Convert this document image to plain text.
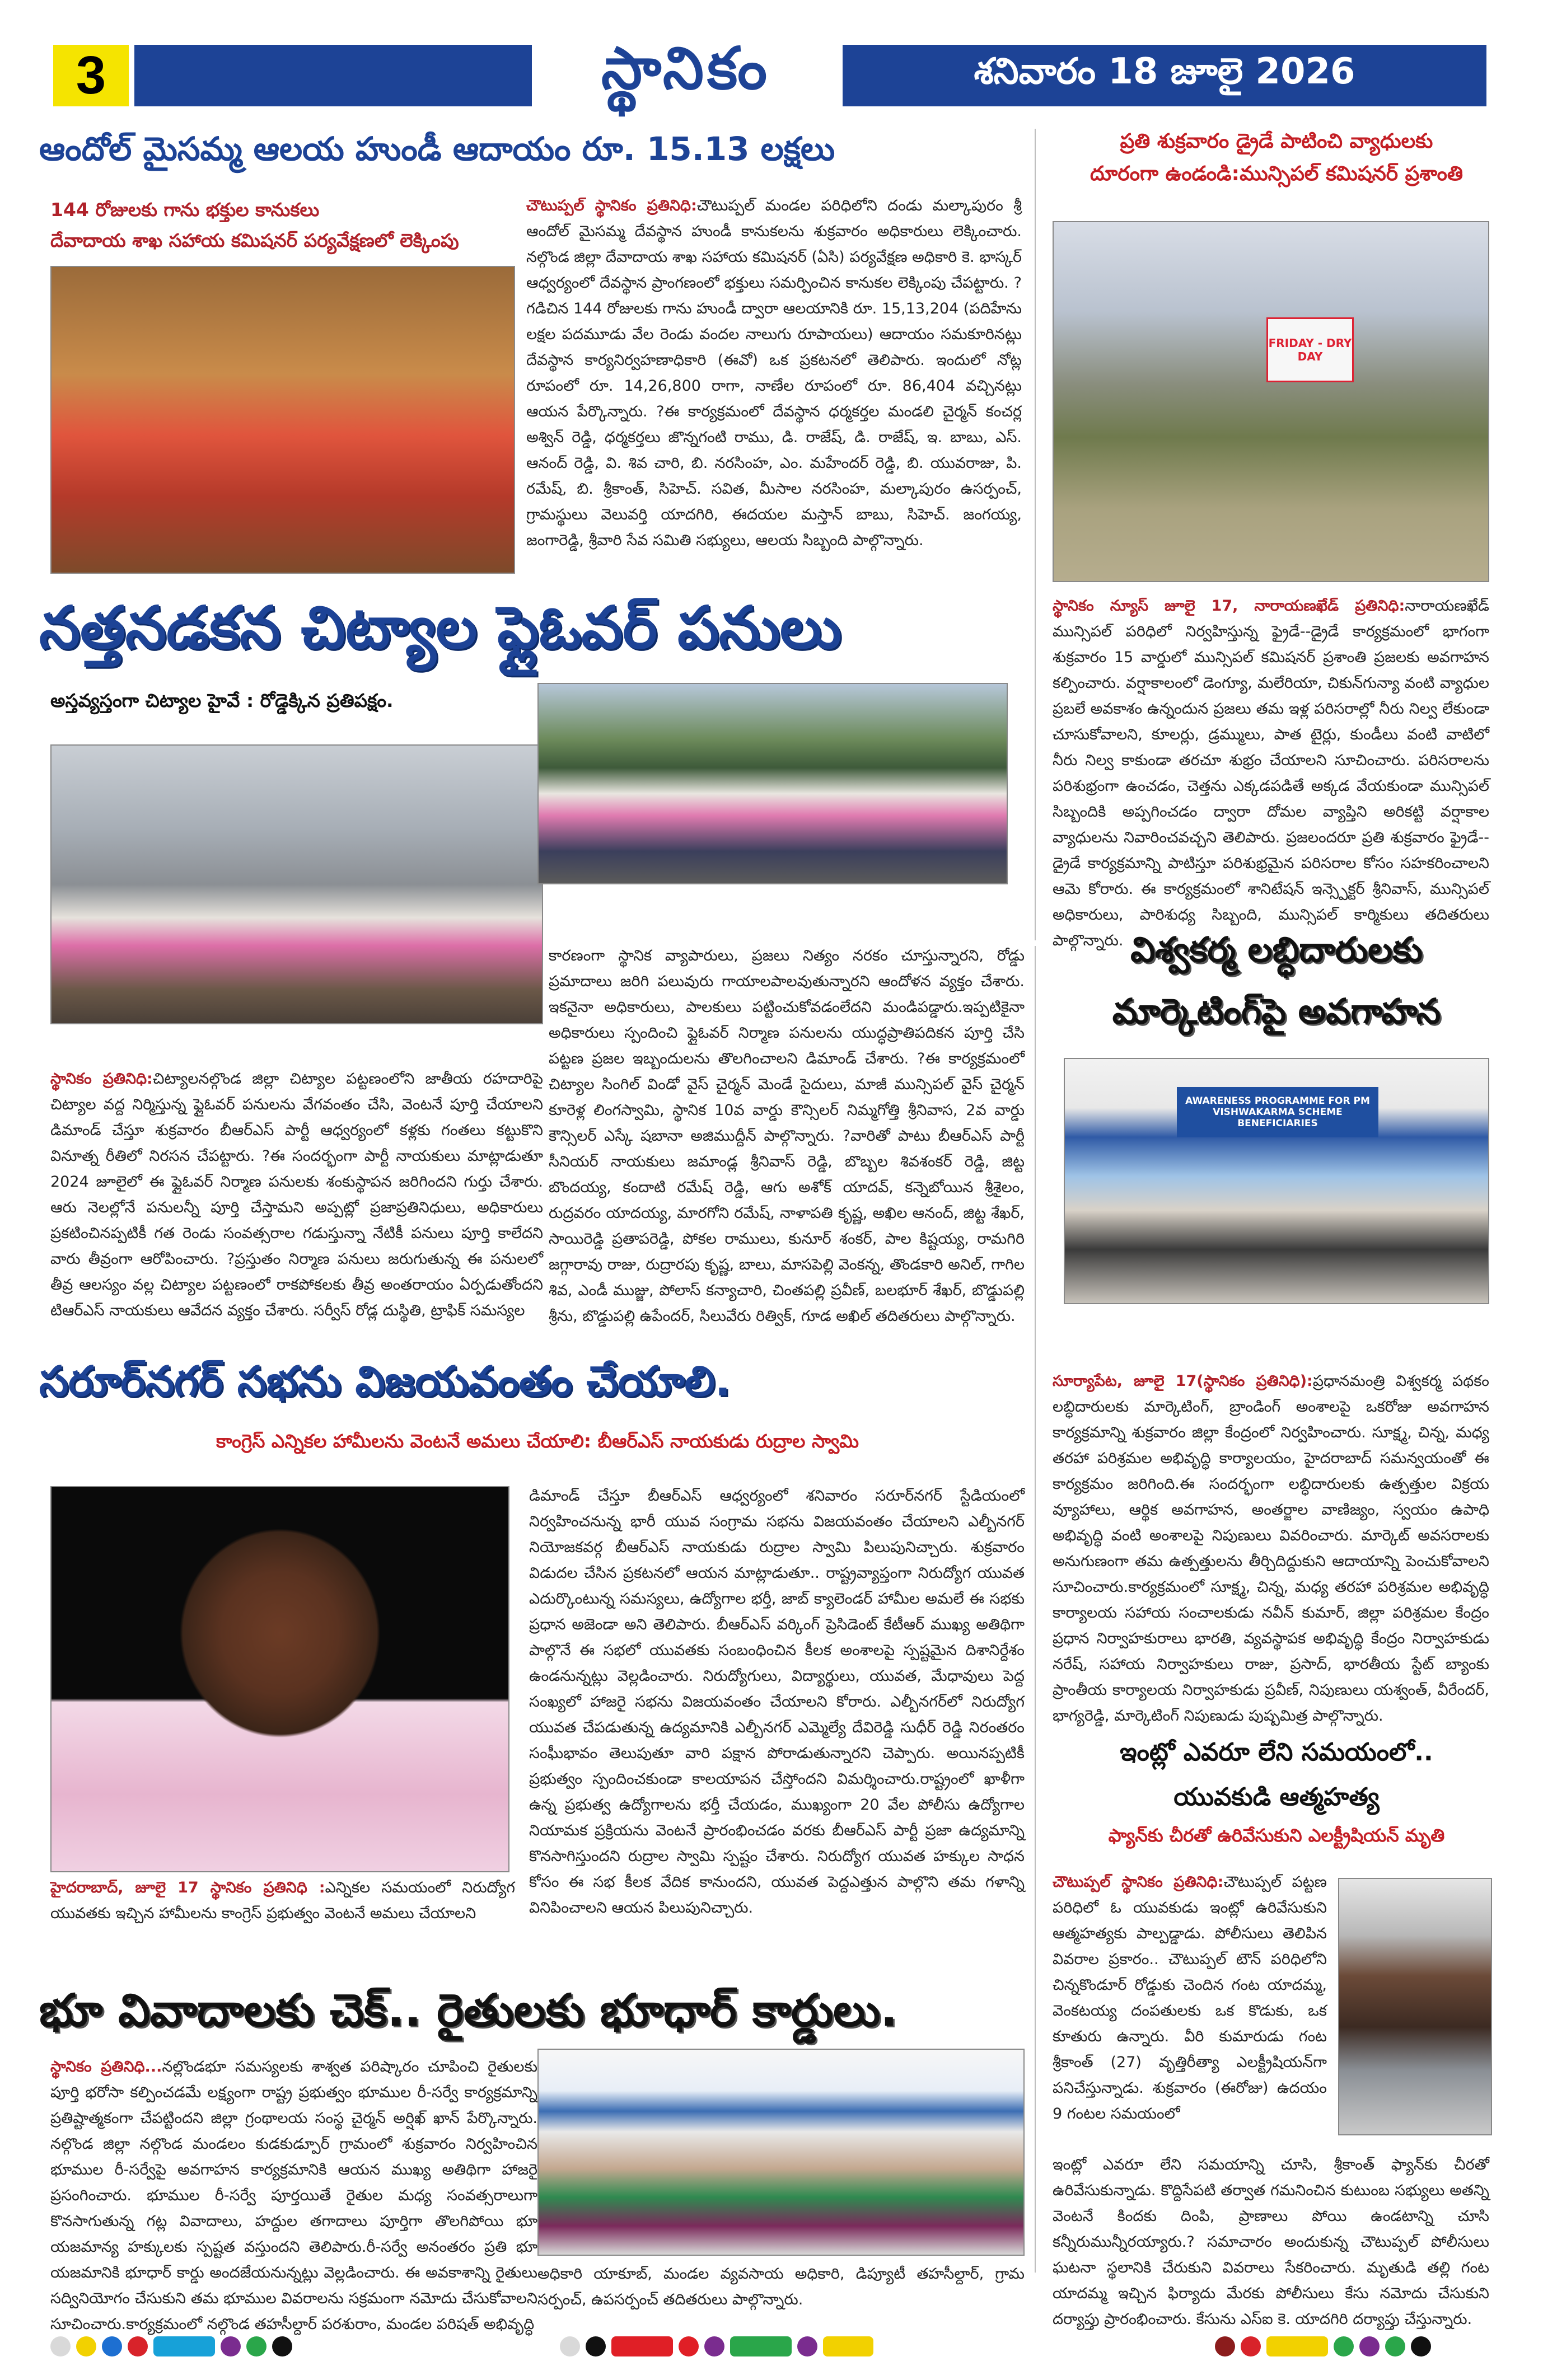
3	స్థానికం	శనివారం 18 జూలై 2026
ఆందోల్ మైసమ్మ ఆలయ హుండీ ఆదాయం రూ. 15.13 లక్షలు
144 రోజులకు గాను భక్తుల కానుకలు
దేవాదాయ శాఖ సహాయ కమిషనర్ పర్యవేక్షణలో లెక్కింపు
చౌటుప్పల్ స్థానికం ప్రతినిధి:చౌటుప్పల్ మండల పరిధిలోని దండు మల్కాపురం శ్రీ ఆందోల్ మైసమ్మ దేవస్థాన హుండీ కానుకలను శుక్రవారం అధికారులు లెక్కించారు. నల్గొండ జిల్లా దేవాదాయ శాఖ సహాయ కమిషనర్ (ఏసి) పర్యవేక్షణ అధికారి కె. భాస్కర్ ఆధ్వర్యంలో దేవస్థాన ప్రాంగణంలో భక్తులు సమర్పించిన కానుకల లెక్కింపు చేపట్టారు. ?గడిచిన 144 రోజులకు గాను హుండీ ద్వారా ఆలయానికి రూ. 15,13,204 (పదిహేను లక్షల పదమూడు వేల రెండు వందల నాలుగు రూపాయలు) ఆదాయం సమకూరినట్లు దేవస్థాన కార్యనిర్వహణాధికారి (ఈవో) ఒక ప్రకటనలో తెలిపారు. ఇందులో నోట్ల రూపంలో రూ. 14,26,800 రాగా, నాణేల రూపంలో రూ. 86,404 వచ్చినట్లు ఆయన పేర్కొన్నారు. ?ఈ కార్యక్రమంలో దేవస్థాన ధర్మకర్తల మండలి చైర్మన్ కంచర్ల అశ్విన్ రెడ్డి, ధర్మకర్తలు జొన్నగంటి రాము, డి. రాజేష్, డి. రాజేష్, ఇ. బాబు, ఎస్. ఆనంద్ రెడ్డి, వి. శివ చారి, బి. నరసింహ, ఎం. మహేందర్ రెడ్డి, బి. యువరాజు, పి. రమేష్, బి. శ్రీకాంత్, సిహెచ్. సవిత, మీసాల నరసింహ, మల్కాపురం ఉసర్పంచ్, గ్రామస్థులు వెలువర్తి యాదగిరి, ఈదయల మస్తాన్ బాబు, సిహెచ్. జంగయ్య, జంగారెడ్డి, శ్రీవారి సేవ సమితి సభ్యులు, ఆలయ సిబ్బంది పాల్గొన్నారు.
ప్రతి శుక్రవారం డ్రైడే పాటించి వ్యాధులకు
దూరంగా ఉండండి:మున్సిపల్ కమిషనర్ ప్రశాంతి
FRIDAY - DRY DAY
స్థానికం న్యూస్ జూలై 17, నారాయణఖేడ్ ప్రతినిధి:నారాయణఖేడ్ మున్సిపల్ పరిధిలో నిర్వహిస్తున్న ఫ్రైడే--డ్రైడే కార్యక్రమంలో భాగంగా శుక్రవారం 15 వార్డులో మున్సిపల్ కమిషనర్ ప్రశాంతి ప్రజలకు అవగాహన కల్పించారు. వర్షాకాలంలో డెంగ్యూ, మలేరియా, చికున్‌గున్యా వంటి వ్యాధుల ప్రబలే అవకాశం ఉన్నందున ప్రజలు తమ ఇళ్ల పరిసరాల్లో నీరు నిల్వ లేకుండా చూసుకోవాలని, కూలర్లు, డ్రమ్ములు, పాత టైర్లు, కుండీలు వంటి వాటిలో నీరు నిల్వ కాకుండా తరచూ శుభ్రం చేయాలని సూచించారు. పరిసరాలను పరిశుభ్రంగా ఉంచడం, చెత్తను ఎక్కడపడితే అక్కడ వేయకుండా మున్సిపల్ సిబ్బందికి అప్పగించడం ద్వారా దోమల వ్యాప్తిని అరికట్టి వర్షాకాల వ్యాధులను నివారించవచ్చని తెలిపారు. ప్రజలందరూ ప్రతి శుక్రవారం ఫ్రైడే--డ్రైడే కార్యక్రమాన్ని పాటిస్తూ పరిశుభ్రమైన పరిసరాల కోసం సహకరించాలని ఆమె కోరారు. ఈ కార్యక్రమంలో శానిటేషన్ ఇన్స్పెక్టర్ శ్రీనివాస్, మున్సిపల్ అధికారులు, పారిశుధ్య సిబ్బంది, మున్సిపల్ కార్మికులు తదితరులు పాల్గొన్నారు.
నత్తనడకన చిట్యాల ఫ్లైఓవర్ పనులు
అస్తవ్యస్తంగా చిట్యాల హైవే : రోడ్డెక్కిన ప్రతిపక్షం.
స్థానికం ప్రతినిధి:చిట్యాలనల్గొండ జిల్లా చిట్యాల పట్టణంలోని జాతీయ రహదారిపై చిట్యాల వద్ద నిర్మిస్తున్న ఫ్లైఓవర్ పనులను వేగవంతం చేసి, వెంటనే పూర్తి చేయాలని డిమాండ్ చేస్తూ శుక్రవారం బీఆర్ఎస్ పార్టీ ఆధ్వర్యంలో కళ్లకు గంతలు కట్టుకొని వినూత్న రీతిలో నిరసన చేపట్టారు. ?ఈ సందర్భంగా పార్టీ నాయకులు మాట్లాడుతూ 2024 జూలైలో ఈ ఫ్లైఓవర్ నిర్మాణ పనులకు శంకుస్థాపన జరిగిందని గుర్తు చేశారు. ఆరు నెలల్లోనే పనులన్నీ పూర్తి చేస్తామని అప్పట్లో ప్రజాప్రతినిధులు, అధికారులు ప్రకటించినప్పటికీ గత రెండు సంవత్సరాల గడుస్తున్నా నేటికీ పనులు పూర్తి కాలేదని వారు తీవ్రంగా ఆరోపించారు. ?ప్రస్తుతం నిర్మాణ పనులు జరుగుతున్న ఈ పనులలో తీవ్ర ఆలస్యం వల్ల చిట్యాల పట్టణంలో రాకపోకలకు తీవ్ర అంతరాయం ఏర్పడుతోందని టిఆర్ఎస్ నాయకులు ఆవేదన వ్యక్తం చేశారు. సర్వీస్ రోడ్ల దుస్థితి, ట్రాఫిక్ సమస్యల
కారణంగా స్థానిక వ్యాపారులు, ప్రజలు నిత్యం నరకం చూస్తున్నారని, రోడ్డు ప్రమాదాలు జరిగి పలువురు గాయాలపాలవుతున్నారని ఆందోళన వ్యక్తం చేశారు. ఇకనైనా అధికారులు, పాలకులు పట్టించుకోవడంలేదని మండిపడ్డారు.ఇప్పటికైనా అధికారులు స్పందించి ఫ్లైఓవర్ నిర్మాణ పనులను యుద్ధప్రాతిపదికన పూర్తి చేసి పట్టణ ప్రజల ఇబ్బందులను తొలగించాలని డిమాండ్ చేశారు. ?ఈ కార్యక్రమంలో చిట్యాల సింగిల్ విండో వైస్ చైర్మన్ మెండే సైదులు, మాజీ మున్సిపల్ వైస్ చైర్మన్ కూరెళ్ల లింగస్వామి, స్థానిక 10వ వార్డు కౌన్సిలర్ నిమ్మగోత్తి శ్రీనివాస, 2వ వార్డు కౌన్సిలర్ ఎస్కే షబానా అజిముద్దీన్ పాల్గొన్నారు. ?వారితో పాటు బీఆర్ఎస్ పార్టీ సీనియర్ నాయకులు జమాండ్ల శ్రీనివాస్ రెడ్డి, బొబ్బల శివశంకర్ రెడ్డి, జిట్ట బొందయ్య, కందాటి రమేష్ రెడ్డి, ఆగు అశోక్ యాదవ్, కన్నెబోయిన శ్రీశైలం, రుద్రవరం యాదయ్య, మారగోని రమేష్, నాళాపతి కృష్ణ, అఖిల ఆనంద్, జిట్ట శేఖర్, సాయిరెడ్డి ప్రతాపరెడ్డి, పోకల రాములు, కునూర్ శంకర్, పాల కిష్టయ్య, రామగిరి జగ్గారావు రాజు, రుద్రారపు కృష్ణ, బాలు, మాసపెల్లి వెంకన్న, తొండకారి అనిల్, గాగిల శివ, ఎండీ ముజ్జు, పోలాస్ కన్యాచారి, చింతపల్లి ప్రవీణ్, బలభూర్ శేఖర్, బొడ్డుపల్లి శ్రీను, బొడ్డుపల్లి ఉపేందర్, సిలువేరు రిత్విక్, గూడ అఖిల్ తదితరులు పాల్గొన్నారు.
విశ్వకర్మ లబ్ధిదారులకు
మార్కెటింగ్‌పై అవగాహన
AWARENESS PROGRAMME FOR PM VISHWAKARMA SCHEME BENEFICIARIES
సూర్యాపేట, జూలై 17(స్థానికం ప్రతినిధి):ప్రధానమంత్రి విశ్వకర్మ పథకం లబ్ధిదారులకు మార్కెటింగ్, బ్రాండింగ్ అంశాలపై ఒకరోజు అవగాహన కార్యక్రమాన్ని శుక్రవారం జిల్లా కేంద్రంలో నిర్వహించారు. సూక్ష్మ, చిన్న, మధ్య తరహా పరిశ్రమల అభివృద్ధి కార్యాలయం, హైదరాబాద్ సమన్వయంతో ఈ కార్యక్రమం జరిగింది.ఈ సందర్భంగా లబ్ధిదారులకు ఉత్పత్తుల విక్రయ వ్యూహాలు, ఆర్థిక అవగాహన, అంతర్జాల వాణిజ్యం, స్వయం ఉపాధి అభివృద్ధి వంటి అంశాలపై నిపుణులు వివరించారు. మార్కెట్ అవసరాలకు అనుగుణంగా తమ ఉత్పత్తులను తీర్చిదిద్దుకుని ఆదాయాన్ని పెంచుకోవాలని సూచించారు.కార్యక్రమంలో సూక్ష్మ, చిన్న, మధ్య తరహా పరిశ్రమల అభివృద్ధి కార్యాలయ సహాయ సంచాలకుడు నవీన్ కుమార్, జిల్లా పరిశ్రమల కేంద్రం ప్రధాన నిర్వాహకురాలు భారతి, వ్యవస్థాపక అభివృద్ధి కేంద్రం నిర్వాహకుడు నరేష్, సహాయ నిర్వాహకులు రాజు, ప్రసాద్, భారతీయ స్టేట్ బ్యాంకు ప్రాంతీయ కార్యాలయ నిర్వాహకుడు ప్రవీణ్, నిపుణులు యశ్వంత్, వీరేందర్, భాగ్యరెడ్డి, మార్కెటింగ్ నిపుణుడు పుష్పమిత్ర పాల్గొన్నారు.
సరూర్‌నగర్ సభను విజయవంతం చేయాలి.
కాంగ్రెస్ ఎన్నికల హామీలను వెంటనే అమలు చేయాలి: బీఆర్ఎస్ నాయకుడు రుద్రాల స్వామి
హైదరాబాద్, జూలై 17 స్థానికం ప్రతినిధి :ఎన్నికల సమయంలో నిరుద్యోగ యువతకు ఇచ్చిన హామీలను కాంగ్రెస్ ప్రభుత్వం వెంటనే అమలు చేయాలని
డిమాండ్ చేస్తూ బీఆర్ఎస్ ఆధ్వర్యంలో శనివారం సరూర్‌నగర్ స్టేడియంలో నిర్వహించనున్న భారీ యువ సంగ్రామ సభను విజయవంతం చేయాలని ఎల్బీనగర్ నియోజకవర్గ బీఆర్ఎస్ నాయకుడు రుద్రాల స్వామి పిలుపునిచ్చారు. శుక్రవారం విడుదల చేసిన ప్రకటనలో ఆయన మాట్లాడుతూ.. రాష్ట్రవ్యాప్తంగా నిరుద్యోగ యువత ఎదుర్కొంటున్న సమస్యలు, ఉద్యోగాల భర్తీ, జాబ్ క్యాలెండర్ హామీల అమలే ఈ సభకు ప్రధాన అజెండా అని తెలిపారు. బీఆర్ఎస్ వర్కింగ్ ప్రెసిడెంట్ కేటీఆర్ ముఖ్య అతిథిగా పాల్గొనే ఈ సభలో యువతకు సంబంధించిన కీలక అంశాలపై స్పష్టమైన దిశానిర్దేశం ఉండనున్నట్లు వెల్లడించారు. నిరుద్యోగులు, విద్యార్థులు, యువత, మేధావులు పెద్ద సంఖ్యలో హాజరై సభను విజయవంతం చేయాలని కోరారు. ఎల్బీనగర్‌లో నిరుద్యోగ యువత చేపడుతున్న ఉద్యమానికి ఎల్బీనగర్ ఎమ్మెల్యే దేవిరెడ్డి సుధీర్ రెడ్డి నిరంతరం సంఘీభావం తెలుపుతూ వారి పక్షాన పోరాడుతున్నారని చెప్పారు. అయినప్పటికీ ప్రభుత్వం స్పందించకుండా కాలయాపన చేస్తోందని విమర్శించారు.రాష్ట్రంలో ఖాళీగా ఉన్న ప్రభుత్వ ఉద్యోగాలను భర్తీ చేయడం, ముఖ్యంగా 20 వేల పోలీసు ఉద్యోగాల నియామక ప్రక్రియను వెంటనే ప్రారంభించడం వరకు బీఆర్ఎస్ పార్టీ ప్రజా ఉద్యమాన్ని కొనసాగిస్తుందని రుద్రాల స్వామి స్పష్టం చేశారు. నిరుద్యోగ యువత హక్కుల సాధన కోసం ఈ సభ కీలక వేదిక కానుందని, యువత పెద్దఎత్తున పాల్గొని తమ గళాన్ని వినిపించాలని ఆయన పిలుపునిచ్చారు.
ఇంట్లో ఎవరూ లేని సమయంలో..
యువకుడి ఆత్మహత్య
ఫ్యాన్‌కు చీరతో ఉరివేసుకుని ఎలక్ట్రీషియన్ మృతి
చౌటుప్పల్ స్థానికం ప్రతినిధి:చౌటుప్పల్ పట్టణ పరిధిలో ఓ యువకుడు ఇంట్లో ఉరివేసుకుని ఆత్మహత్యకు పాల్పడ్డాడు. పోలీసులు తెలిపిన వివరాల ప్రకారం.. చౌటుప్పల్ టౌన్ పరిధిలోని చిన్నకొండూర్ రోడ్డుకు చెందిన గంట యాదమ్మ, వెంకటయ్య దంపతులకు ఒక కొడుకు, ఒక కూతురు ఉన్నారు. వీరి కుమారుడు గంట శ్రీకాంత్ (27) వృత్తిరీత్యా ఎలక్ట్రీషియన్‌గా పనిచేస్తున్నాడు. శుక్రవారం (ఈరోజు) ఉదయం 9 గంటల సమయంలో
ఇంట్లో ఎవరూ లేని సమయాన్ని చూసి, శ్రీకాంత్ ఫ్యాన్‌కు చీరతో ఉరివేసుకున్నాడు. కొద్దిసేపటి తర్వాత గమనించిన కుటుంబ సభ్యులు అతన్ని వెంటనే కిందకు దింపి, ప్రాణాలు పోయి ఉండటాన్ని చూసి కన్నీరుమున్నీరయ్యారు.? సమాచారం అందుకున్న చౌటుప్పల్ పోలీసులు ఘటనా స్థలానికి చేరుకుని వివరాలు సేకరించారు. మృతుడి తల్లి గంట యాదమ్మ ఇచ్చిన ఫిర్యాదు మేరకు పోలీసులు కేసు నమోదు చేసుకుని దర్యాప్తు ప్రారంభించారు. కేసును ఎస్ఐ కె. యాదగిరి దర్యాప్తు చేస్తున్నారు.
భూ వివాదాలకు చెక్.. రైతులకు భూధార్ కార్డులు.
స్థానికం ప్రతినిధి...నల్లొండభూ సమస్యలకు శాశ్వత పరిష్కారం చూపించి రైతులకు పూర్తి భరోసా కల్పించడమే లక్ష్యంగా రాష్ట్ర ప్రభుత్వం భూముల రీ-సర్వే కార్యక్రమాన్ని ప్రతిష్టాత్మకంగా చేపట్టిందని జిల్లా గ్రంథాలయ సంస్థ చైర్మన్ అర్షిఖ్ ఖాన్ పేర్కొన్నారు. నల్గొండ జిల్లా నల్గొండ మండలం కుడకుడ్పూర్ గ్రామంలో శుక్రవారం నిర్వహించిన భూముల రీ-సర్వేపై అవగాహన కార్యక్రమానికి ఆయన ముఖ్య అతిథిగా హాజరై ప్రసంగించారు. భూముల రీ-సర్వే పూర్తయితే రైతుల మధ్య సంవత్సరాలుగా కొనసాగుతున్న గట్ల వివాదాలు, హద్దుల తగాదాలు పూర్తిగా తొలగిపోయి భూ యజమాన్య హక్కులకు స్పష్టత వస్తుందని తెలిపారు.రీ-సర్వే అనంతరం ప్రతి భూ యజమానికి భూధార్ కార్డు అందజేయనున్నట్లు వెల్లడించారు. ఈ అవకాశాన్ని రైతులు సద్వినియోగం చేసుకుని తమ భూముల వివరాలను సక్రమంగా నమోదు చేసుకోవాలని సూచించారు.కార్యక్రమంలో నల్గొండ తహసీల్దార్ పరశురాం, మండల పరిషత్ అభివృద్ధి
అధికారి యాకూబ్, మండల వ్యవసాయ అధికారి, డిప్యూటీ తహసీల్దార్, గ్రామ సర్పంచ్, ఉపసర్పంచ్ తదితరులు పాల్గొన్నారు.
